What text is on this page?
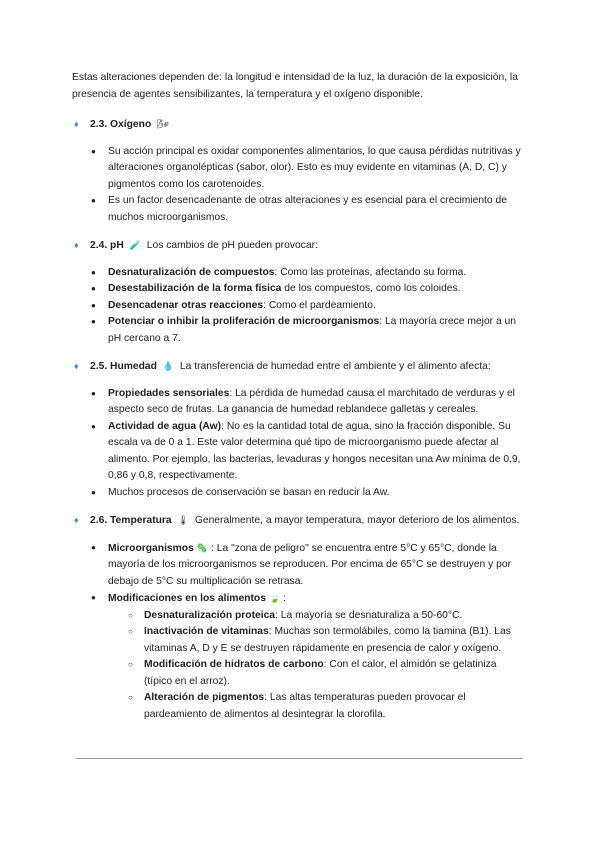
Estas alteraciones dependen de: la longitud e intensidad de la luz, la duración de la exposición, la presencia de agentes sensibilizantes, la temperatura y el oxígeno disponible.

♦	2.3. Oxígeno 🌬
● Su acción principal es oxidar componentes alimentarios, lo que causa pérdidas nutritivas y alteraciones organolépticas (sabor, olor). Esto es muy evidente en vitaminas (A, D, C) y pigmentos como los carotenoides.
● Es un factor desencadenante de otras alteraciones y es esencial para el crecimiento de muchos microorganismos.
♦	2.4. pH 🧪 Los cambios de pH pueden provocar:
● Desnaturalización de compuestos: Como las proteínas, afectando su forma.
● Desestabilización de la forma física de los compuestos, como los coloides.
● Desencadenar otras reacciones: Como el pardeamiento.
● Potenciar o inhibir la proliferación de microorganismos: La mayoría crece mejor a un pH cercano a 7.
♦	2.5. Humedad 💧 La transferencia de humedad entre el ambiente y el alimento afecta:
● Propiedades sensoriales: La pérdida de humedad causa el marchitado de verduras y el aspecto seco de frutas. La ganancia de humedad reblandece galletas y cereales.
● Actividad de agua (Aw): No es la cantidad total de agua, sino la fracción disponible. Su escala va de 0 a 1. Este valor determina qué tipo de microorganismo puede afectar al alimento. Por ejemplo, las bacterias, levaduras y hongos necesitan una Aw mínima de 0,9, 0,86 y 0,8, respectivamente.
● Muchos procesos de conservación se basan en reducir la Aw.
♦	2.6. Temperatura 🌡 Generalmente, a mayor temperatura, mayor deterioro de los alimentos.
● Microorganismos 🦠 : La "zona de peligro" se encuentra entre 5°C y 65°C, donde la mayoría de los microorganismos se reproducen. Por encima de 65°C se destruyen y por debajo de 5°C su multiplicación se retrasa.
● Modificaciones en los alimentos 🍃 :
○ Desnaturalización proteica: La mayoría se desnaturaliza a 50-60°C.
○ Inactivación de vitaminas: Muchas son termolábiles, como la tiamina (B1). Las vitaminas A, D y E se destruyen rápidamente en presencia de calor y oxígeno.
○ Modificación de hidratos de carbono: Con el calor, el almidón se gelatiniza (típico en el arroz).
○ Alteración de pigmentos: Las altas temperaturas pueden provocar el pardeamiento de alimentos al desintegrar la clorofila.
